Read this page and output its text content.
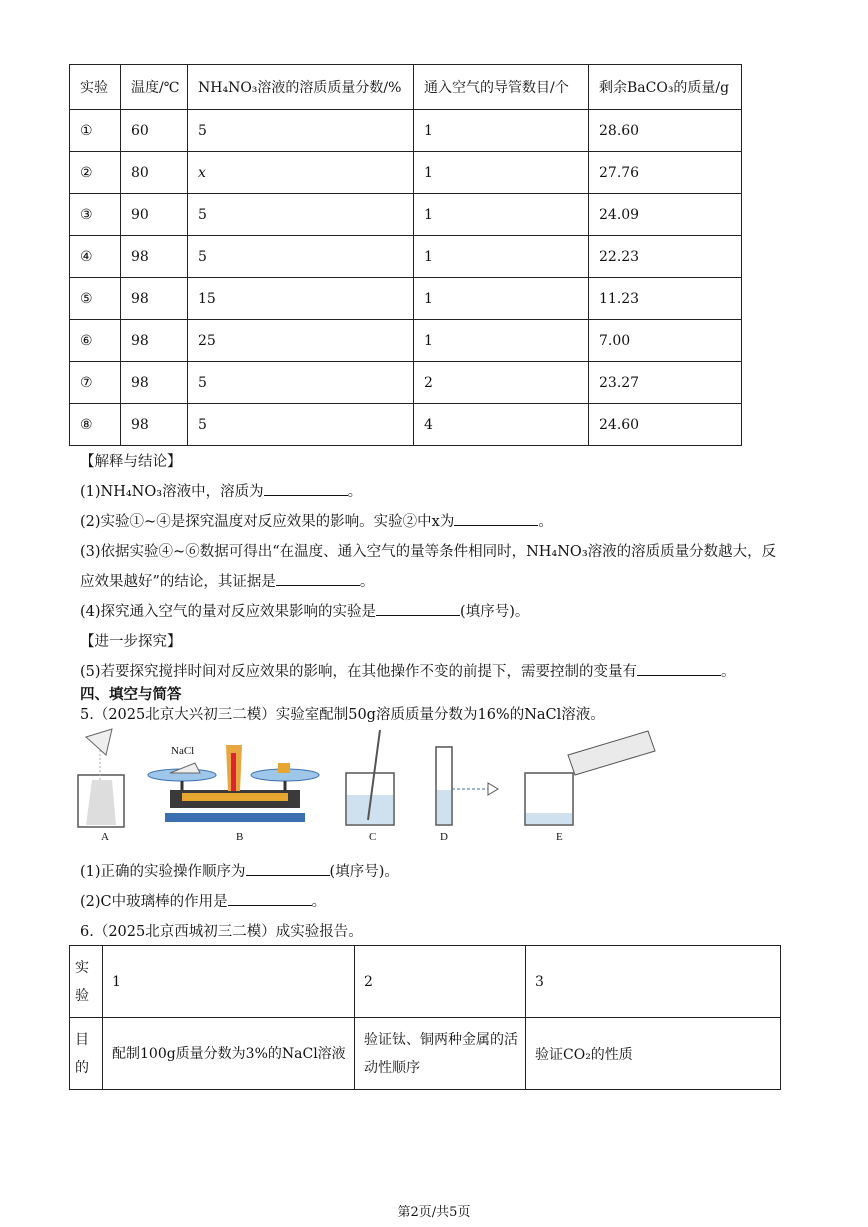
实验	温度/℃	NH₄NO₃溶液的溶质质量分数/%	通入空气的导管数目/个	剩余BaCO₃的质量/g
①	60	5	1	28.60
②	80	x	1	27.76
③	90	5	1	24.09
④	98	5	1	22.23
⑤	98	15	1	11.23
⑥	98	25	1	7.00
⑦	98	5	2	23.27
⑧	98	5	4	24.60
【解释与结论】
(1)NH₄NO₃溶液中，溶质为	。
(2)实验①~④是探究温度对反应效果的影响。实验②中x为	。
(3)依据实验④~⑥数据可得出“在温度、通入空气的量等条件相同时，NH₄NO₃溶液的溶质质量分数越大，反
应效果越好”的结论，其证据是	。
(4)探究通入空气的量对反应效果影响的实验是	(填序号)。
【进一步探究】
(5)若要探究搅拌时间对反应效果的影响，在其他操作不变的前提下，需要控制的变量有	。
四、填空与简答
5.（2025北京大兴初三二模）实验室配制50g溶质质量分数为16%的NaCl溶液。
A	B	C	D	E
NaCl
(1)正确的实验操作顺序为	(填序号)。
(2)C中玻璃棒的作用是	。
6.（2025北京西城初三二模）成实验报告。
实验	1	2	3
目的	配制100g质量分数为3%的NaCl溶液	验证钛、铜两种金属的活动性顺序	验证CO₂的性质
第2页/共5页
